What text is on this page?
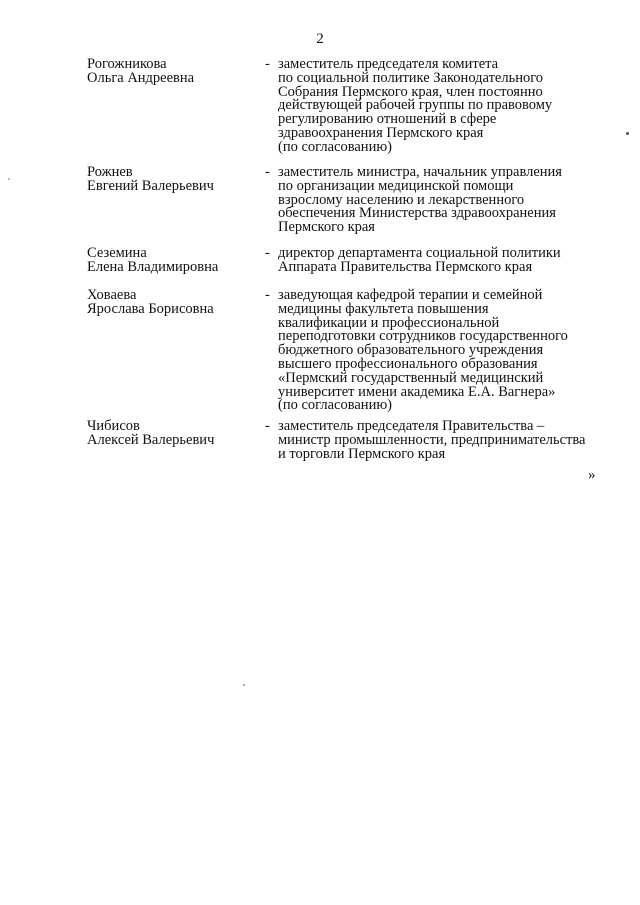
2
Рогожникова
Ольга Андреевна
- заместитель председателя комитета
по социальной политике Законодательного
Собрания Пермского края, член постоянно
действующей рабочей группы по правовому
регулированию отношений в сфере
здравоохранения Пермского края
(по согласованию)
Рожнев
Евгений Валерьевич
- заместитель министра, начальник управления
по организации медицинской помощи
взрослому населению и лекарственного
обеспечения Министерства здравоохранения
Пермского края
Сеземина
Елена Владимировна
- директор департамента социальной политики
Аппарата Правительства Пермского края
Ховаева
Ярослава Борисовна
- заведующая кафедрой терапии и семейной
медицины факультета повышения
квалификации и профессиональной
переподготовки сотрудников государственного
бюджетного образовательного учреждения
высшего профессионального образования
«Пермский государственный медицинский
университет имени академика Е.А. Вагнера»
(по согласованию)
Чибисов
Алексей Валерьевич
- заместитель председателя Правительства –
министр промышленности, предпринимательства
и торговли Пермского края
»
